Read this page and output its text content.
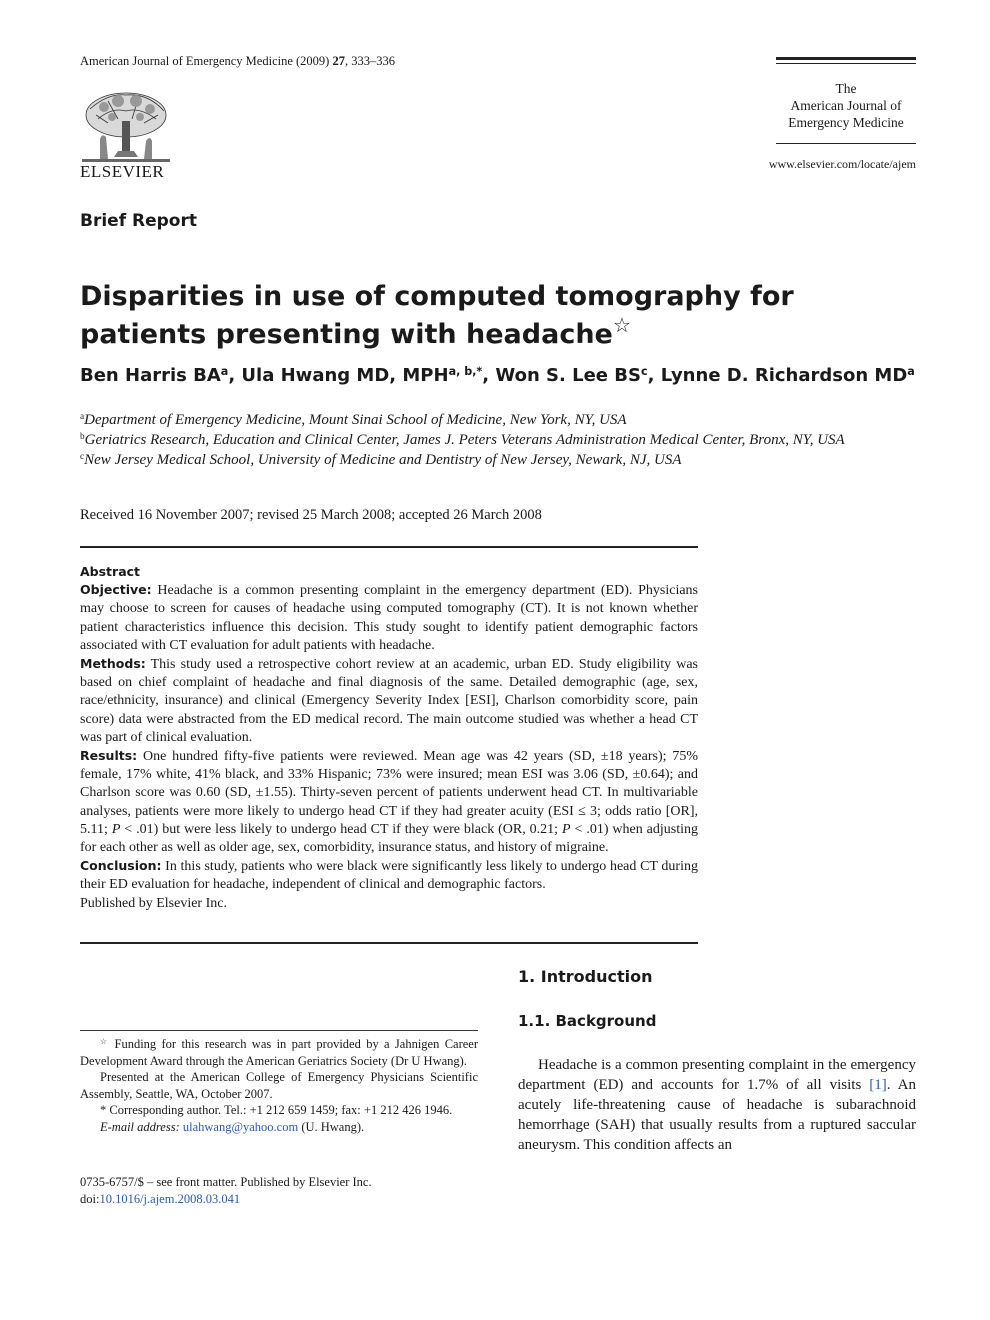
American Journal of Emergency Medicine (2009) 27, 333–336
ELSEVIER
The
American Journal of
Emergency Medicine
www.elsevier.com/locate/ajem
Brief Report
Disparities in use of computed tomography for patients presenting with headache☆
Ben Harris $BA^a$, Ula Hwang MD, $MPH^{a, b,*}$, Won S. Lee $BS^c$, Lynne D. Richardson $MD^a$
$^a$Department of Emergency Medicine, Mount Sinai School of Medicine, New York, NY, USA
$^b$Geriatrics Research, Education and Clinical Center, James J. Peters Veterans Administration Medical Center, Bronx, NY, USA
$^c$New Jersey Medical School, University of Medicine and Dentistry of New Jersey, Newark, NJ, USA
Received 16 November 2007; revised 25 March 2008; accepted 26 March 2008

Abstract

Objective: Headache is a common presenting complaint in the emergency department (ED). Physicians may choose to screen for causes of headache using computed tomography (CT). It is not known whether patient characteristics influence this decision. This study sought to identify patient demographic factors associated with CT evaluation for adult patients with headache.

Methods: This study used a retrospective cohort review at an academic, urban ED. Study eligibility was based on chief complaint of headache and final diagnosis of the same. Detailed demographic (age, sex, race/ethnicity, insurance) and clinical (Emergency Severity Index [ESI], Charlson comorbidity score, pain score) data were abstracted from the ED medical record. The main outcome studied was whether a head CT was part of clinical evaluation.

Results: One hundred fifty-five patients were reviewed. Mean age was 42 years (SD, ±18 years); 75% female, 17% white, 41% black, and 33% Hispanic; 73% were insured; mean ESI was 3.06 (SD, ±0.64); and Charlson score was 0.60 (SD, ±1.55). Thirty-seven percent of patients underwent head CT. In multivariable analyses, patients were more likely to undergo head CT if they had greater acuity (ESI ≤ 3; odds ratio [OR], 5.11; P < .01) but were less likely to undergo head CT if they were black (OR, 0.21; P < .01) when adjusting for each other as well as older age, sex, comorbidity, insurance status, and history of migraine.

Conclusion: In this study, patients who were black were significantly less likely to undergo head CT during their ED evaluation for headache, independent of clinical and demographic factors.

Published by Elsevier Inc.

1. Introduction
1.1. Background
Headache is a common presenting complaint in the emergency department (ED) and accounts for 1.7% of all visits [1]. An acutely life-threatening cause of headache is subarachnoid hemorrhage (SAH) that usually results from a ruptured saccular aneurysm. This condition affects an

☆ Funding for this research was in part provided by a Jahnigen Career Development Award through the American Geriatrics Society (Dr U Hwang).

Presented at the American College of Emergency Physicians Scientific Assembly, Seattle, WA, October 2007.

* Corresponding author. Tel.: +1 212 659 1459; fax: +1 212 426 1946.

E-mail address: ulahwang@yahoo.com (U. Hwang).

0735-6757/$ – see front matter. Published by Elsevier Inc.
doi:10.1016/j.ajem.2008.03.041
